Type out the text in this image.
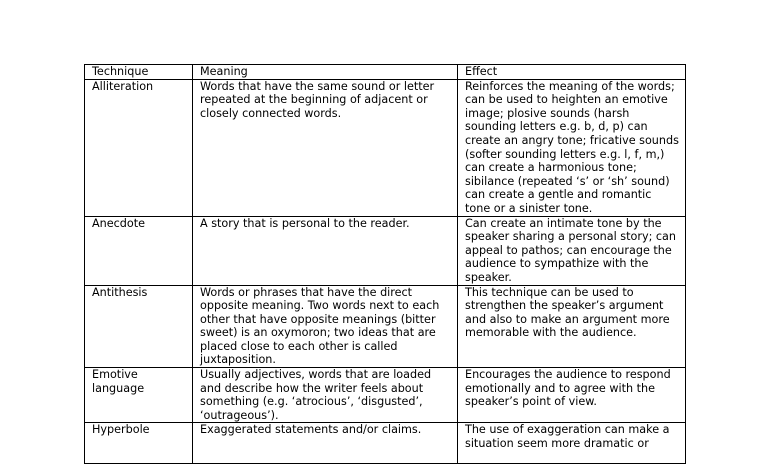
Technique	Meaning	Effect
Alliteration	Words that have the same sound or letter repeated at the beginning of adjacent or closely connected words.	Reinforces the meaning of the words; can be used to heighten an emotive image; plosive sounds (harsh sounding letters e.g. b, d, p) can create an angry tone; fricative sounds (softer sounding letters e.g. l, f, m,) can create a harmonious tone; sibilance (repeated ‘s’ or ‘sh’ sound) can create a gentle and romantic tone or a sinister tone.
Anecdote	A story that is personal to the reader.	Can create an intimate tone by the speaker sharing a personal story; can appeal to pathos; can encourage the audience to sympathize with the speaker.
Antithesis	Words or phrases that have the direct opposite meaning. Two words next to each other that have opposite meanings (bitter sweet) is an oxymoron; two ideas that are placed close to each other is called juxtaposition.	This technique can be used to strengthen the speaker’s argument and also to make an argument more memorable with the audience.
Emotive language	Usually adjectives, words that are loaded and describe how the writer feels about something (e.g. ‘atrocious’, ‘disgusted’, ‘outrageous’).	Encourages the audience to respond emotionally and to agree with the speaker’s point of view.
Hyperbole	Exaggerated statements and/or claims.	The use of exaggeration can make a situation seem more dramatic or
